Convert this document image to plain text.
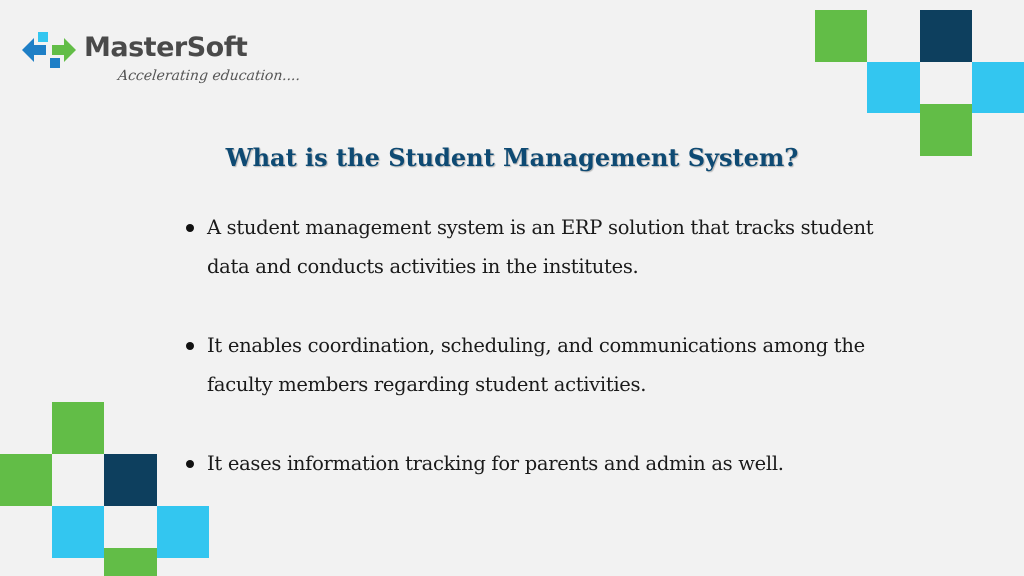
MasterSoft
Accelerating education....
What is the Student Management System?
A student management system is an ERP solution that tracks student data and conducts activities in the institutes.
It enables coordination, scheduling, and communications among the faculty members regarding student activities.
It eases information tracking for parents and admin as well.
